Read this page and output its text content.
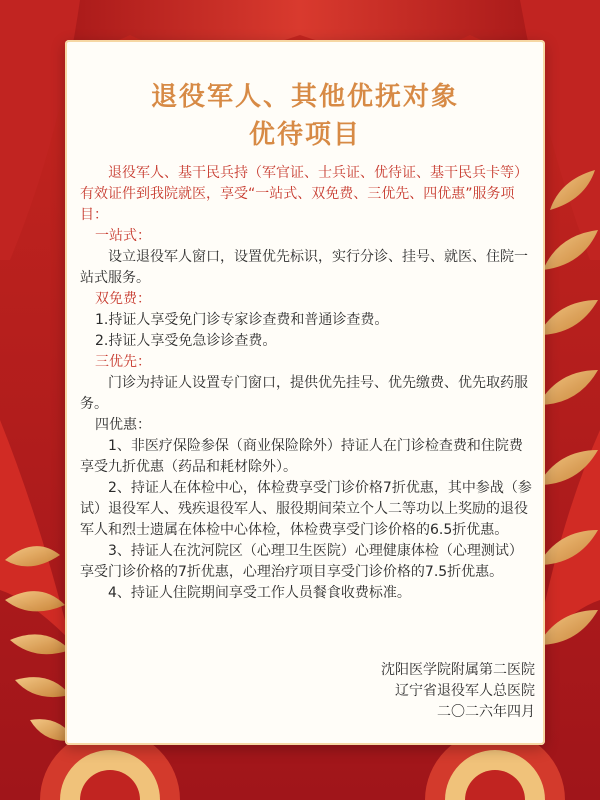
退役军人、其他优抚对象
优待项目

退役军人、基干民兵持（军官证、士兵证、优待证、基干民兵卡等）有效证件到我院就医，享受“一站式、双免费、三优先、四优惠”服务项目：

一站式：

设立退役军人窗口，设置优先标识，实行分诊、挂号、就医、住院一站式服务。

双免费：

1.持证人享受免门诊专家诊查费和普通诊查费。

2.持证人享受免急诊诊查费。

三优先：

门诊为持证人设置专门窗口，提供优先挂号、优先缴费、优先取药服务。

四优惠：

1、非医疗保险参保（商业保险除外）持证人在门诊检查费和住院费享受九折优惠（药品和耗材除外）。

2、持证人在体检中心，体检费享受门诊价格7折优惠，其中参战（参试）退役军人、残疾退役军人、服役期间荣立个人二等功以上奖励的退役军人和烈士遗属在体检中心体检，体检费享受门诊价格的6.5折优惠。

3、持证人在沈河院区（心理卫生医院）心理健康体检（心理测试）享受门诊价格的7折优惠，心理治疗项目享受门诊价格的7.5折优惠。

4、持证人住院期间享受工作人员餐食收费标准。

沈阳医学院附属第二医院
辽宁省退役军人总医院
二〇二六年四月
